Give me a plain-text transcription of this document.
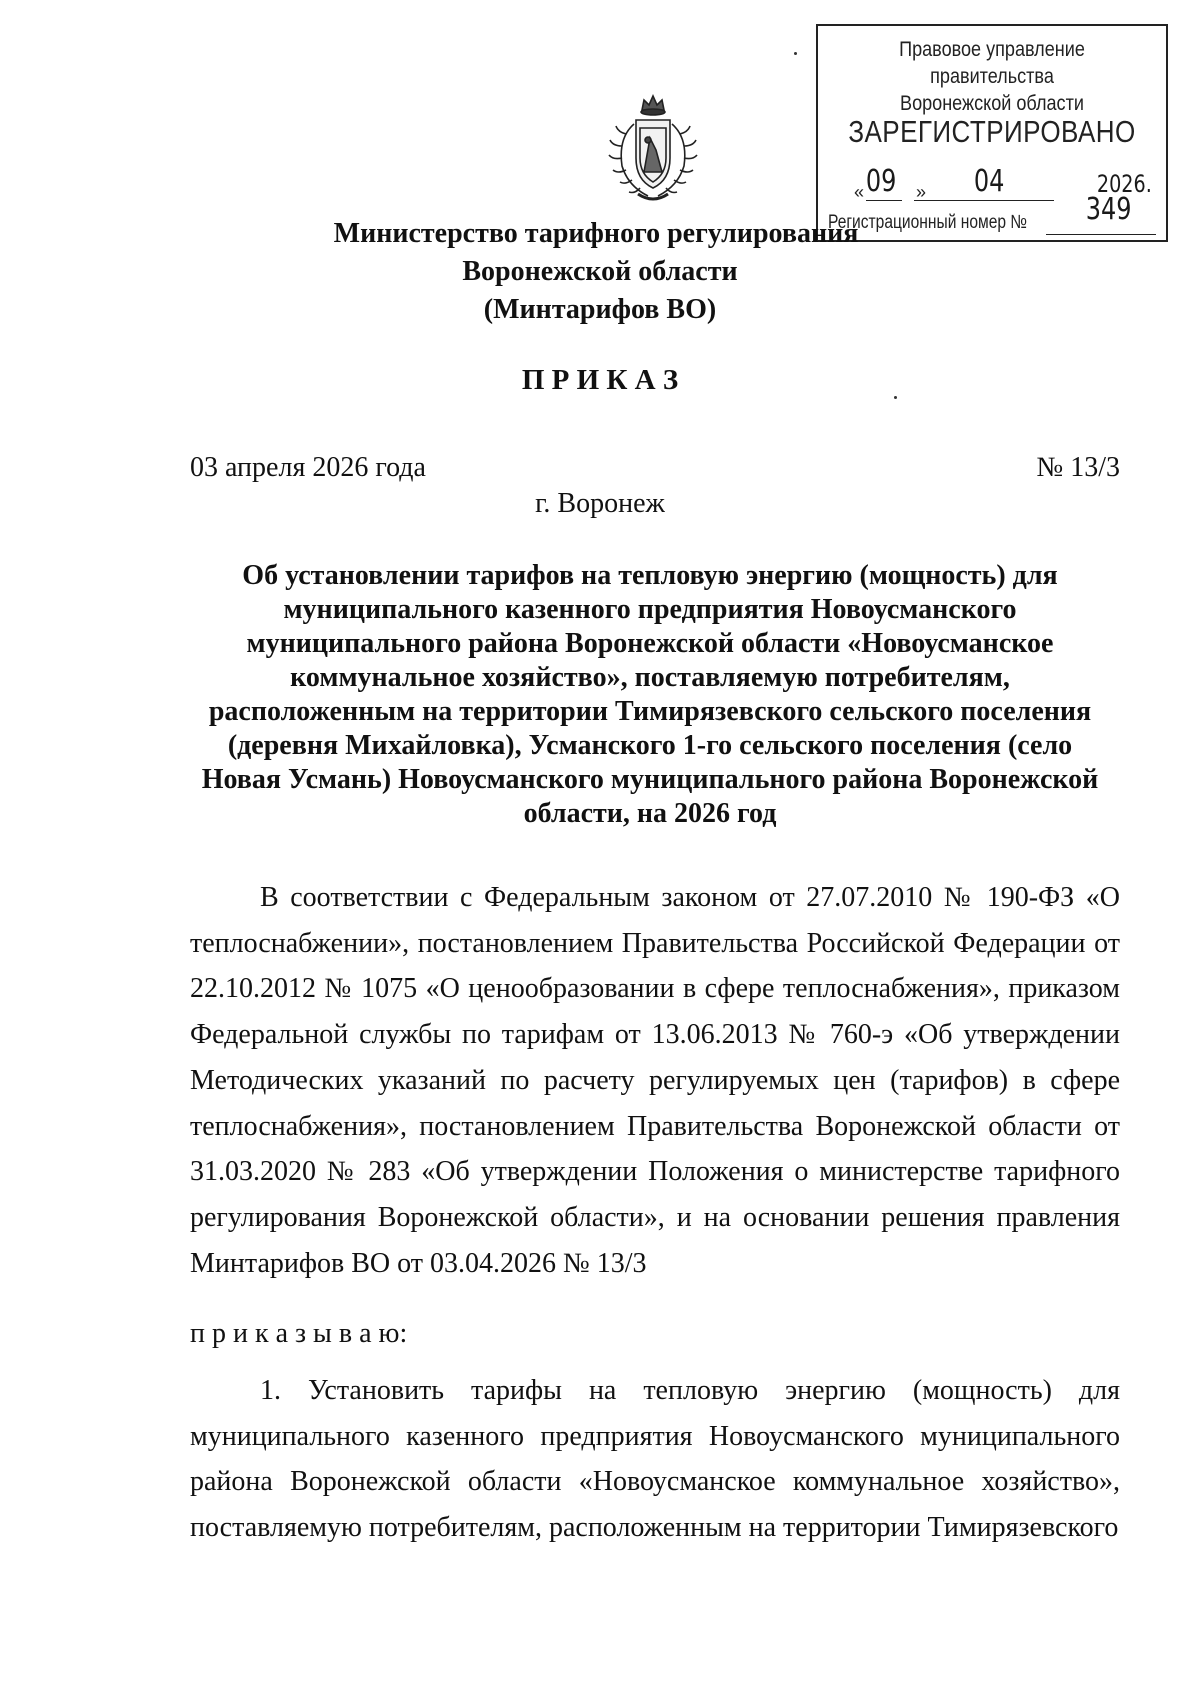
Правовое управление правительства
Воронежской области
ЗАРЕГИСТРИРОВАНО
« 09 » 04	2026.
Регистрационный номер № 349
Министерство тарифного регулирования
Воронежской области
(Минтарифов ВО)
П Р И К А З
03 апреля 2026 года	№ 13/3
г. Воронеж
Об установлении тарифов на тепловую энергию (мощность) для
муниципального казенного предприятия Новоусманского
муниципального района Воронежской области «Новоусманское
коммунальное хозяйство», поставляемую потребителям,
расположенным на территории Тимирязевского сельского поселения
(деревня Михайловка), Усманского 1-го сельского поселения (село
Новая Усмань) Новоусманского муниципального района Воронежской
области, на 2026 год
В соответствии с Федеральным законом от 27.07.2010 № 190-ФЗ «О теплоснабжении», постановлением Правительства Российской Федерации от 22.10.2012 № 1075 «О ценообразовании в сфере теплоснабжения», приказом Федеральной службы по тарифам от 13.06.2013 № 760-э «Об утверждении Методических указаний по расчету регулируемых цен (тарифов) в сфере теплоснабжения», постановлением Правительства Воронежской области от 31.03.2020 № 283 «Об утверждении Положения о министерстве тарифного регулирования Воронежской области», и на основании решения правления Минтарифов ВО от 03.04.2026 № 13/3
п р и к а з ы в а ю:
1. Установить тарифы на тепловую энергию (мощность) для муниципального казенного предприятия Новоусманского муниципального района Воронежской области «Новоусманское коммунальное хозяйство», поставляемую потребителям, расположенным на территории Тимирязевского
